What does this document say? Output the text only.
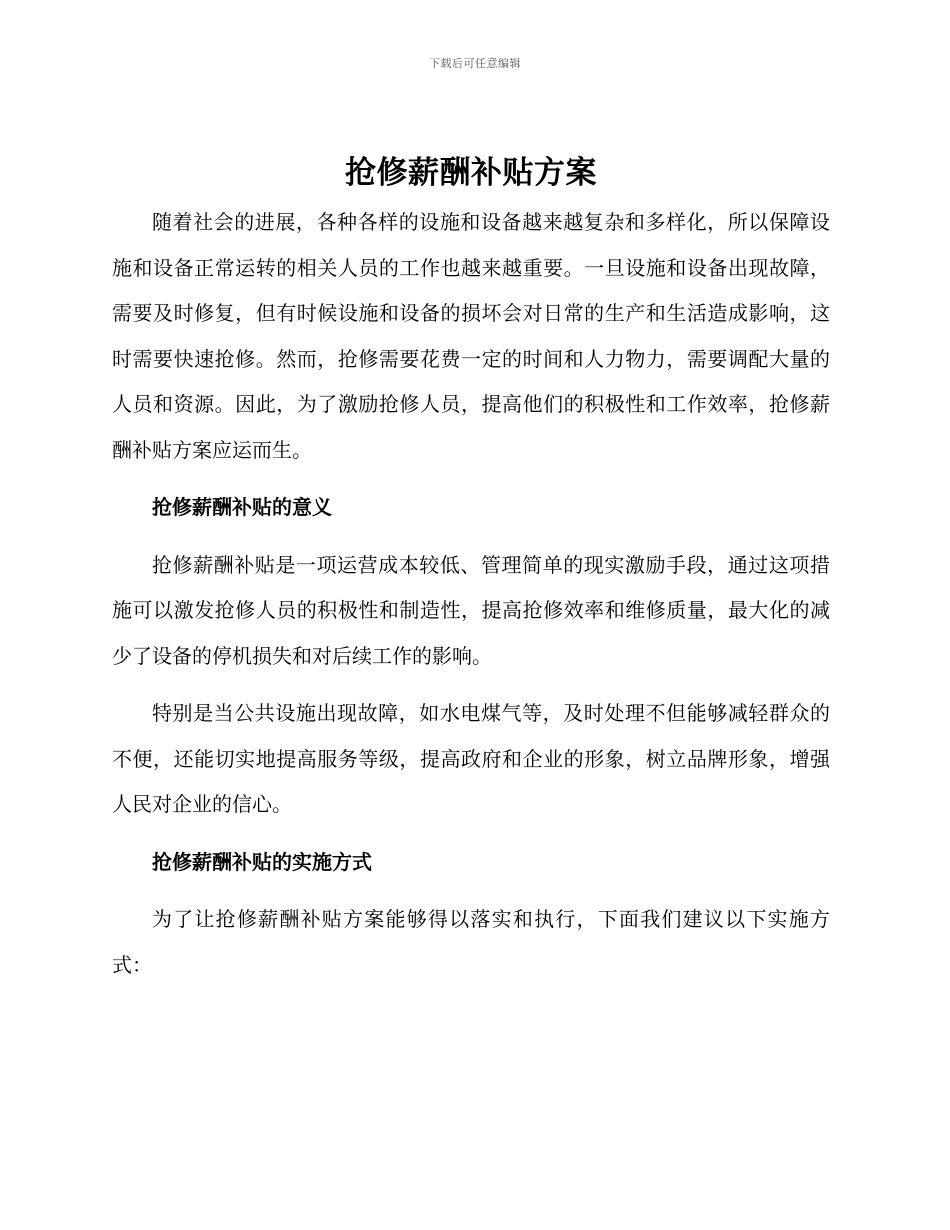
下载后可任意编辑
抢修薪酬补贴方案

随着社会的进展，各种各样的设施和设备越来越复杂和多样化，所以保障设施和设备正常运转的相关人员的工作也越来越重要。一旦设施和设备出现故障，需要及时修复，但有时候设施和设备的损坏会对日常的生产和生活造成影响，这时需要快速抢修。然而，抢修需要花费一定的时间和人力物力，需要调配大量的人员和资源。因此，为了激励抢修人员，提高他们的积极性和工作效率，抢修薪酬补贴方案应运而生。

抢修薪酬补贴的意义

抢修薪酬补贴是一项运营成本较低、管理简单的现实激励手段，通过这项措施可以激发抢修人员的积极性和制造性，提高抢修效率和维修质量，最大化的减少了设备的停机损失和对后续工作的影响。

特别是当公共设施出现故障，如水电煤气等，及时处理不但能够减轻群众的不便，还能切实地提高服务等级，提高政府和企业的形象，树立品牌形象，增强人民对企业的信心。

抢修薪酬补贴的实施方式

为了让抢修薪酬补贴方案能够得以落实和执行，下面我们建议以下实施方式：
